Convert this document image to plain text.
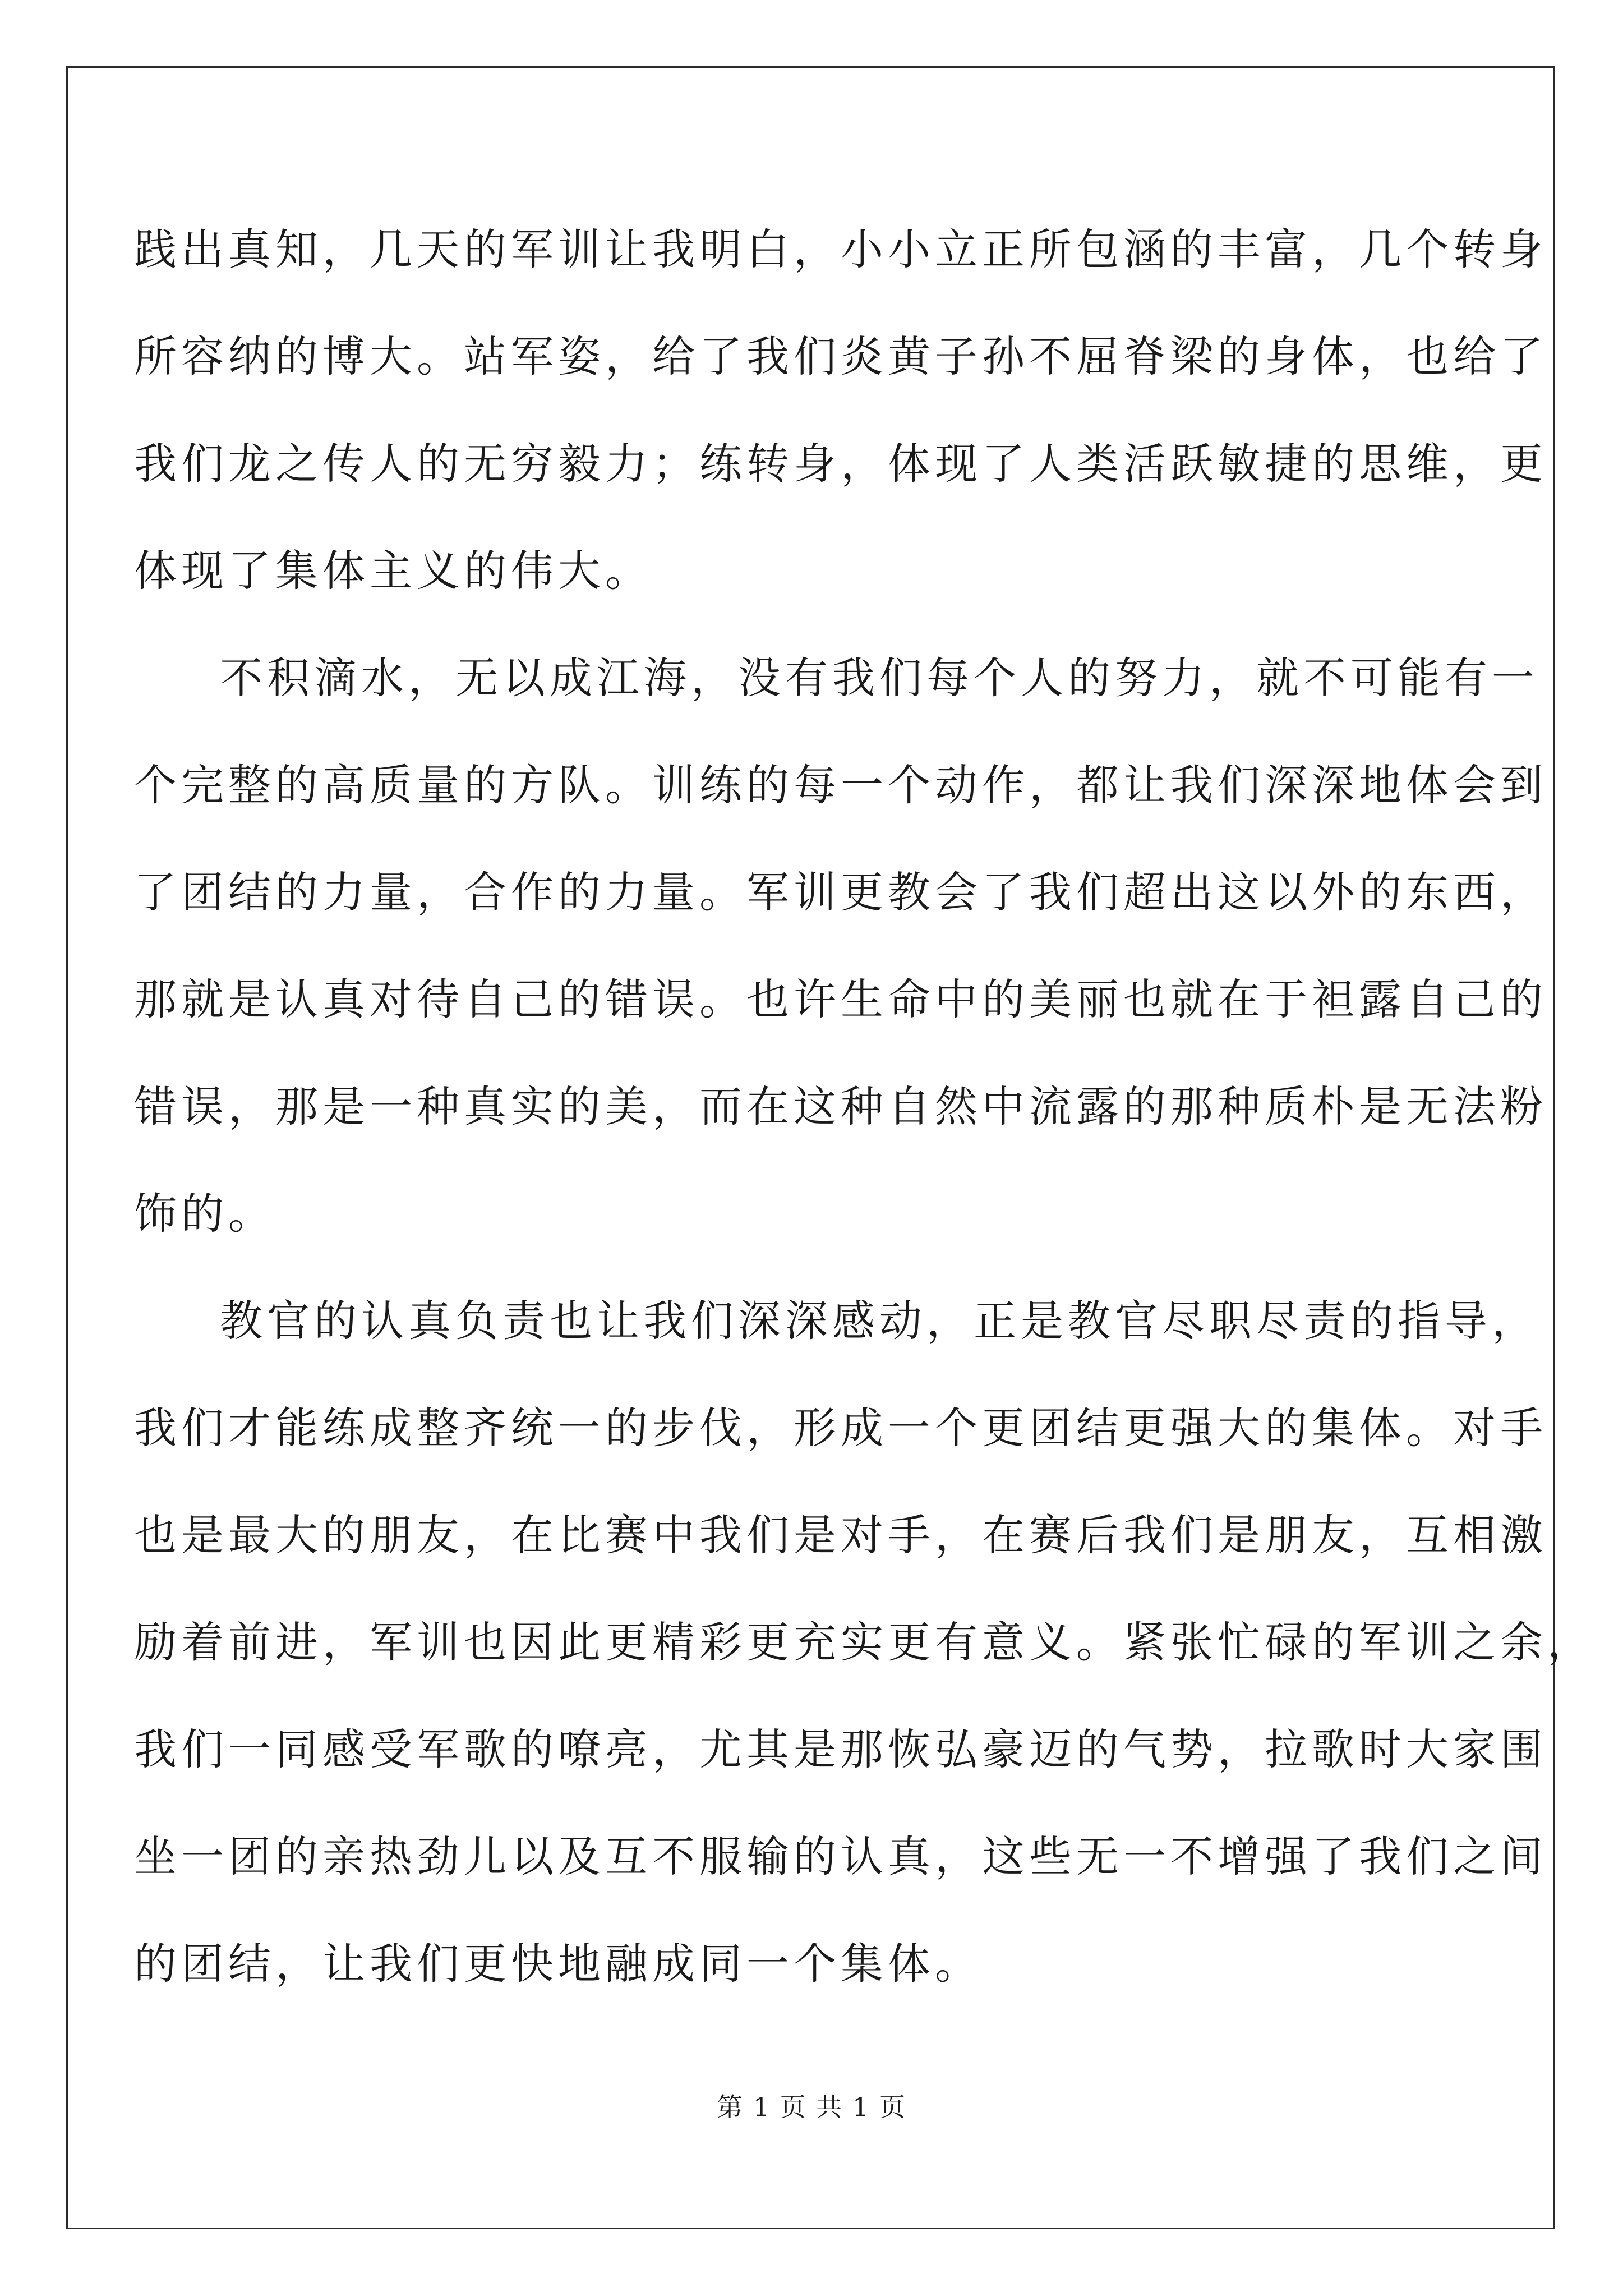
践出真知，几天的军训让我明白，小小立正所包涵的丰富，几个转身
所容纳的博大。站军姿，给了我们炎黄子孙不屈脊梁的身体，也给了
我们龙之传人的无穷毅力；练转身，体现了人类活跃敏捷的思维，更
体现了集体主义的伟大。
不积滴水，无以成江海，没有我们每个人的努力，就不可能有一
个完整的高质量的方队。训练的每一个动作，都让我们深深地体会到
了团结的力量，合作的力量。军训更教会了我们超出这以外的东西，
那就是认真对待自己的错误。也许生命中的美丽也就在于袒露自己的
错误，那是一种真实的美，而在这种自然中流露的那种质朴是无法粉
饰的。
教官的认真负责也让我们深深感动，正是教官尽职尽责的指导，
我们才能练成整齐统一的步伐，形成一个更团结更强大的集体。对手
也是最大的朋友，在比赛中我们是对手，在赛后我们是朋友，互相激
励着前进，军训也因此更精彩更充实更有意义。紧张忙碌的军训之余，
我们一同感受军歌的嘹亮，尤其是那恢弘豪迈的气势，拉歌时大家围
坐一团的亲热劲儿以及互不服输的认真，这些无一不增强了我们之间
的团结，让我们更快地融成同一个集体。
第 1 页 共 1 页
